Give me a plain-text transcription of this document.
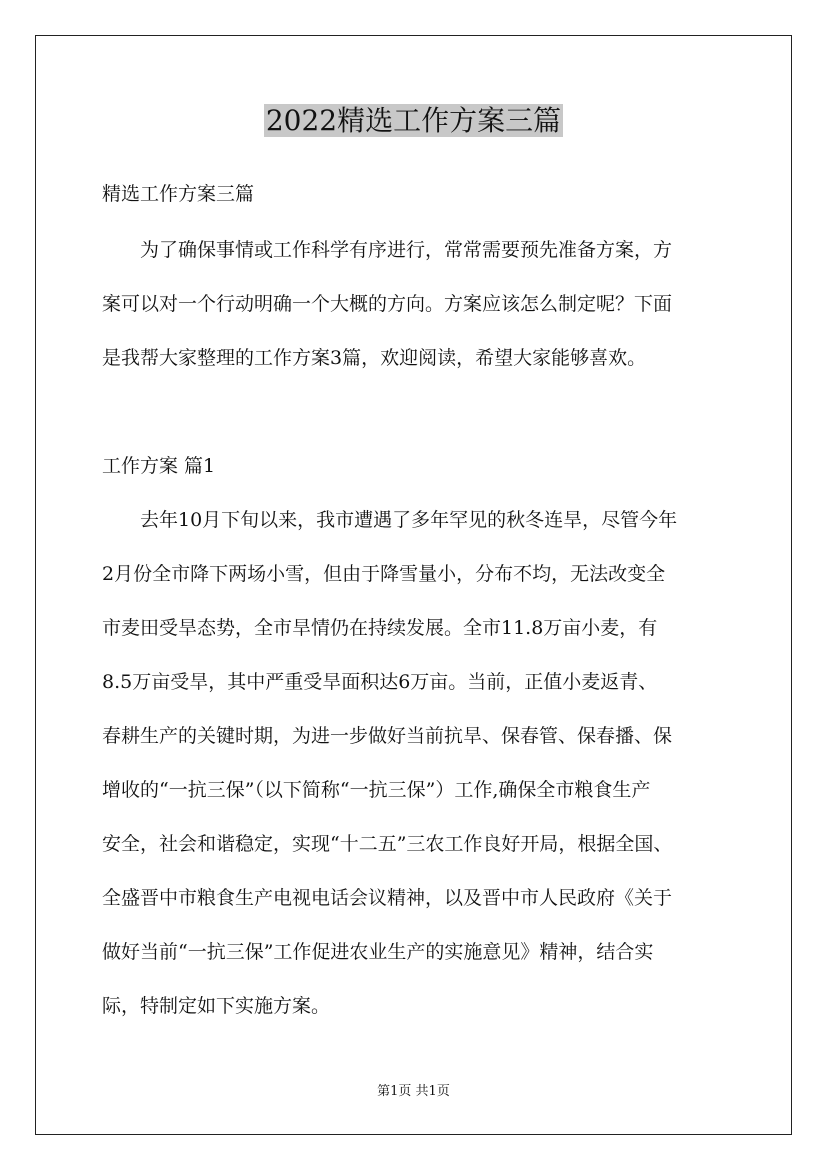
2022精选工作方案三篇

精选工作方案三篇

　　为了确保事情或工作科学有序进行，常常需要预先准备方案，方

案可以对一个行动明确一个大概的方向。方案应该怎么制定呢？下面

是我帮大家整理的工作方案3篇，欢迎阅读，希望大家能够喜欢。

工作方案 篇1

　　去年10月下旬以来，我市遭遇了多年罕见的秋冬连旱，尽管今年

2月份全市降下两场小雪，但由于降雪量小，分布不均，无法改变全

市麦田受旱态势，全市旱情仍在持续发展。全市11.8万亩小麦，有

8.5万亩受旱，其中严重受旱面积达6万亩。当前，正值小麦返青、

春耕生产的关键时期，为进一步做好当前抗旱、保春管、保春播、保

增收的“一抗三保”（以下简称“一抗三保”）工作,确保全市粮食生产

安全，社会和谐稳定，实现“十二五”三农工作良好开局，根据全国、

全盛晋中市粮食生产电视电话会议精神，以及晋中市人民政府《关于

做好当前“一抗三保”工作促进农业生产的实施意见》精神，结合实

际，特制定如下实施方案。

第1页 共1页
